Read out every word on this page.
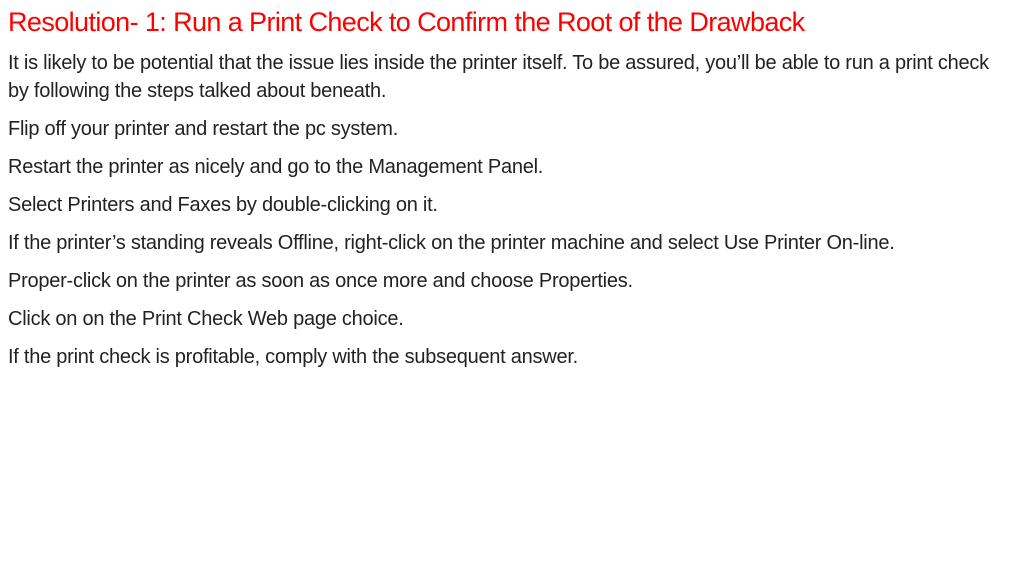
Resolution- 1: Run a Print Check to Confirm the Root of the Drawback

It is likely to be potential that the issue lies inside the printer itself. To be assured, you’ll be able to run a print check by following the steps talked about beneath.

Flip off your printer and restart the pc system.

Restart the printer as nicely and go to the Management Panel.

Select Printers and Faxes by double-clicking on it.

If the printer’s standing reveals Offline, right-click on the printer machine and select Use Printer On-line.

Proper-click on the printer as soon as once more and choose Properties.

Click on on the Print Check Web page choice.

If the print check is profitable, comply with the subsequent answer.
